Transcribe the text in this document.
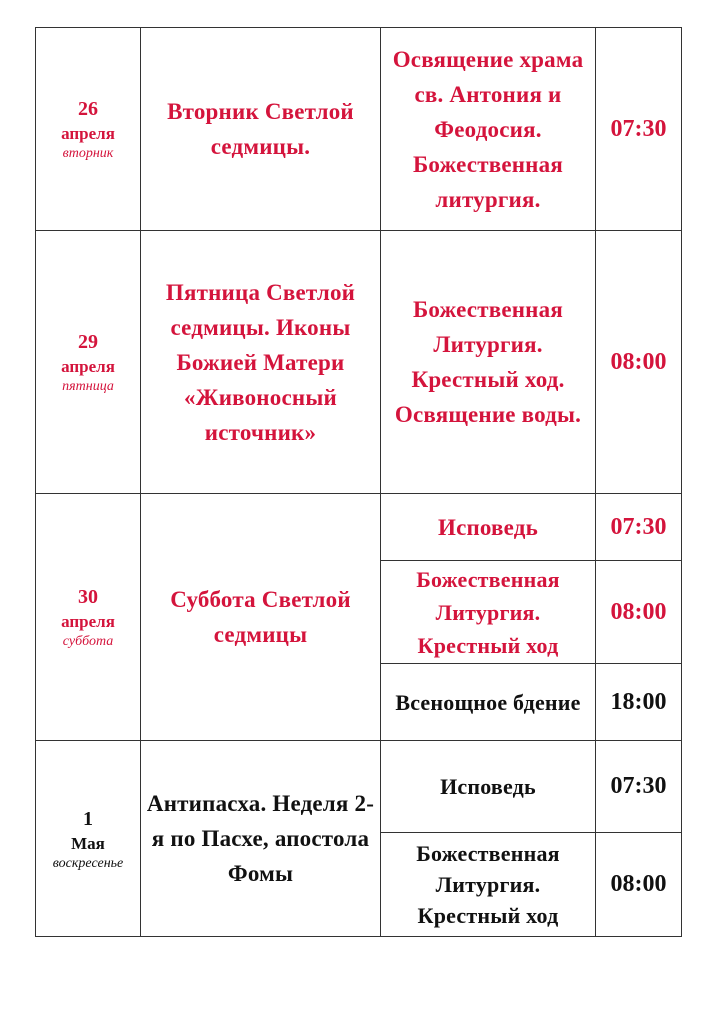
26
апреля
вторник	Вторник Светлой седмицы.	Освящение храма св. Антония и Феодосия. Божественная литургия.	07:30

29
апреля
пятница	Пятница Светлой седмицы. Иконы Божией Матери «Живоносный источник»	Божественная Литургия. Крестный ход. Освящение воды.	08:00

30
апреля
суббота	Суббота Светлой седмицы	Исповедь	07:30
		Божественная Литургия. Крестный ход	08:00
		Всенощное бдение	18:00

1
Мая
воскресенье	Антипасха. Неделя 2-я по Пасхе, апостола Фомы	Исповедь	07:30
		Божественная Литургия. Крестный ход	08:00
